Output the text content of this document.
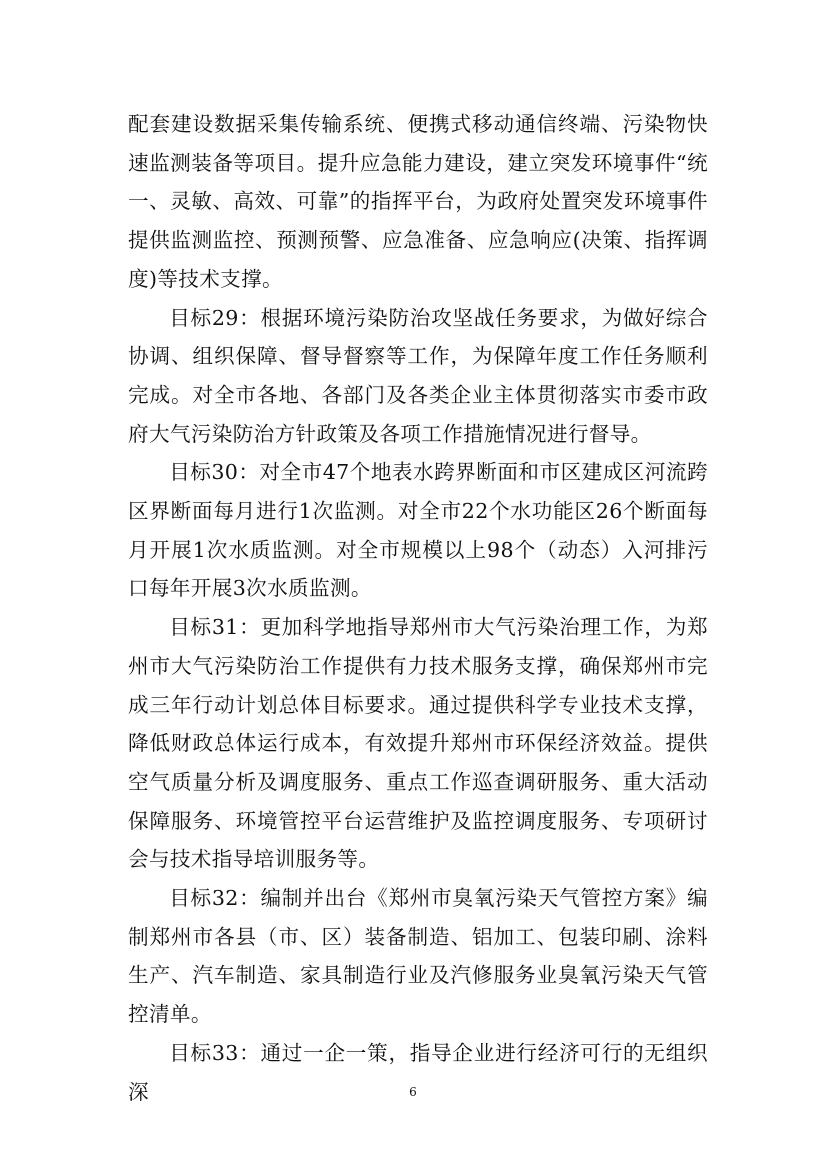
配套建设数据采集传输系统、便携式移动通信终端、污染物快速监测装备等项目。提升应急能力建设，建立突发环境事件“统一、灵敏、高效、可靠”的指挥平台，为政府处置突发环境事件提供监测监控、预测预警、应急准备、应急响应(决策、指挥调度)等技术支撑。

目标29：根据环境污染防治攻坚战任务要求，为做好综合协调、组织保障、督导督察等工作，为保障年度工作任务顺利完成。对全市各地、各部门及各类企业主体贯彻落实市委市政府大气污染防治方针政策及各项工作措施情况进行督导。

目标30：对全市47个地表水跨界断面和市区建成区河流跨区界断面每月进行1次监测。对全市22个水功能区26个断面每月开展1次水质监测。对全市规模以上98个（动态）入河排污口每年开展3次水质监测。

目标31：更加科学地指导郑州市大气污染治理工作，为郑州市大气污染防治工作提供有力技术服务支撑，确保郑州市完成三年行动计划总体目标要求。通过提供科学专业技术支撑，降低财政总体运行成本，有效提升郑州市环保经济效益。提供空气质量分析及调度服务、重点工作巡查调研服务、重大活动保障服务、环境管控平台运营维护及监控调度服务、专项研讨会与技术指导培训服务等。

目标32：编制并出台《郑州市臭氧污染天气管控方案》编制郑州市各县（市、区）装备制造、铝加工、包装印刷、涂料生产、汽车制造、家具制造行业及汽修服务业臭氧污染天气管控清单。

目标33：通过一企一策，指导企业进行经济可行的无组织深	6
